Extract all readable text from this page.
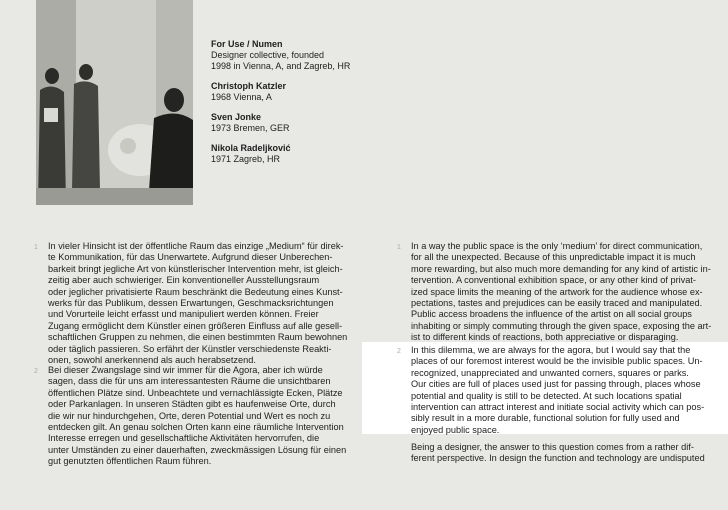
For Use / Numen
Designer collective, founded
1998 in Vienna, A, and Zagreb, HR
Christoph Katzler
1968 Vienna, A
Sven Jonke
1973 Bremen, GER
Nikola Radeljković
1971 Zagreb, HR
1 In vieler Hinsicht ist der öffentliche Raum das einzige „Medium“ für direk-
te Kommunikation, für das Unerwartete. Aufgrund dieser Unberechen-
barkeit bringt jegliche Art von künstlerischer Intervention mehr, ist gleich-
zeitig aber auch schwieriger. Ein konventioneller Ausstellungsraum
oder jeglicher privatisierte Raum beschränkt die Bedeutung eines Kunst-
werks für das Publikum, dessen Erwartungen, Geschmacksrichtungen
und Vorurteile leicht erfasst und manipuliert werden können. Freier
Zugang ermöglicht dem Künstler einen größeren Einfluss auf alle gesell-
schaftlichen Gruppen zu nehmen, die einen bestimmten Raum bewohnen
oder täglich passieren. So erfährt der Künstler verschiedenste Reakti-
onen, sowohl anerkennend als auch herabsetzend.
2 Bei dieser Zwangslage sind wir immer für die Agora, aber ich würde
sagen, dass die für uns am interessantesten Räume die unsichtbaren
öffentlichen Plätze sind. Unbeachtete und vernachlässigte Ecken, Plätze
oder Parkanlagen. In unseren Städten gibt es haufenweise Orte, durch
die wir nur hindurchgehen, Orte, deren Potential und Wert es noch zu
entdecken gilt. An genau solchen Orten kann eine räumliche Intervention
Interesse erregen und gesellschaftliche Aktivitäten hervorrufen, die
unter Umständen zu einer dauerhaften, zweckmässigen Lösung für einen
gut genutzten öffentlichen Raum führen.
1 In a way the public space is the only ‘medium’ for direct communication,
for all the unexpected. Because of this unpredictable impact it is much
more rewarding, but also much more demanding for any kind of artistic in-
tervention. A conventional exhibition space, or any other kind of privat-
ized space limits the meaning of the artwork for the audience whose ex-
pectations, tastes and prejudices can be easily traced and manipulated.
Public access broadens the influence of the artist on all social groups
inhabiting or simply commuting through the given space, exposing the art-
ist to different kinds of reactions, both appreciative or disparaging.
2 In this dilemma, we are always for the agora, but I would say that the
places of our foremost interest would be the invisible public spaces. Un-
recognized, unappreciated and unwanted corners, squares or parks.
Our cities are full of places used just for passing through, places whose
potential and quality is still to be detected. At such locations spatial
intervention can attract interest and initiate social activity which can pos-
sibly result in a more durable, functional solution for fully used and
enjoyed public space.
Being a designer, the answer to this question comes from a rather dif-
ferent perspective. In design the function and technology are undisputed
